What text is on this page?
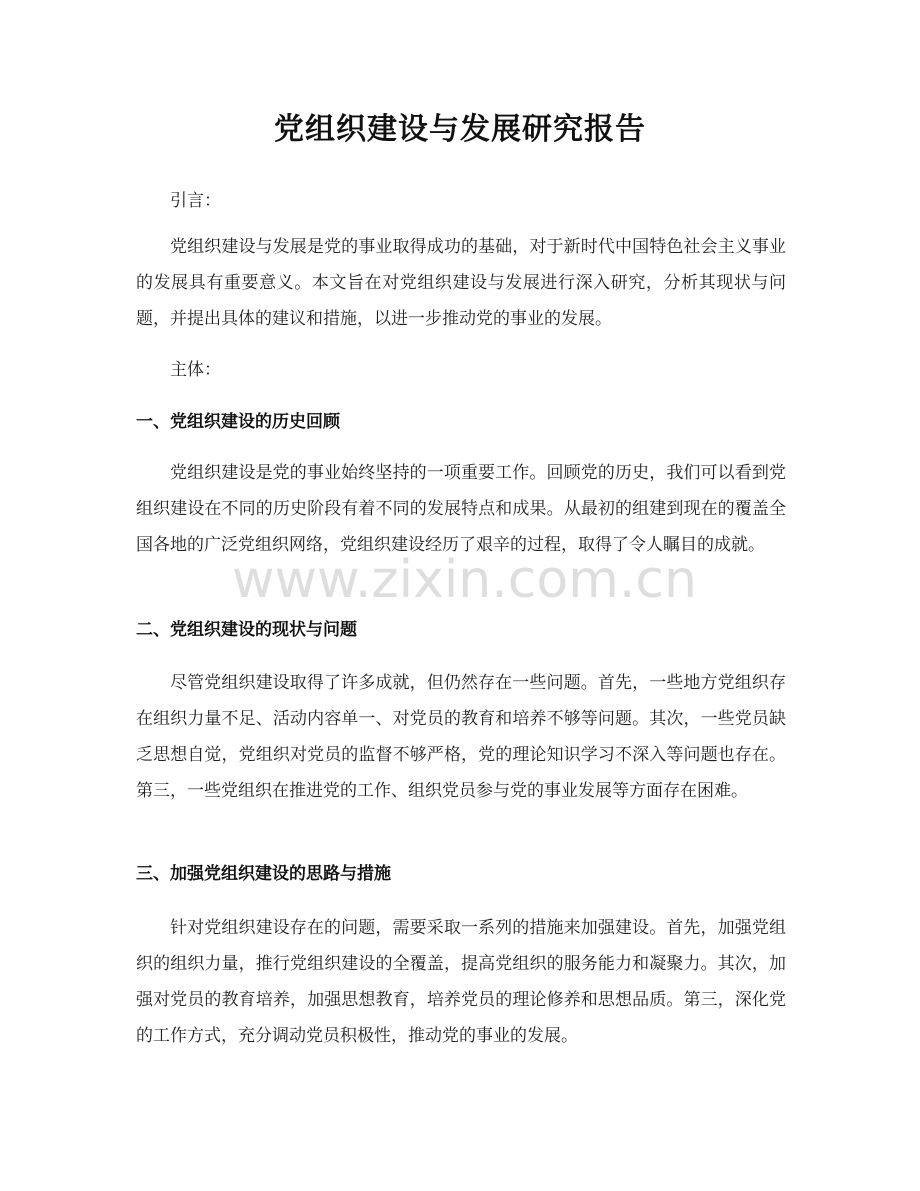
党组织建设与发展研究报告
引言：
党组织建设与发展是党的事业取得成功的基础，对于新时代中国特色社会主义事业的发展具有重要意义。本文旨在对党组织建设与发展进行深入研究，分析其现状与问题，并提出具体的建议和措施，以进一步推动党的事业的发展。
主体：
一、党组织建设的历史回顾
党组织建设是党的事业始终坚持的一项重要工作。回顾党的历史，我们可以看到党组织建设在不同的历史阶段有着不同的发展特点和成果。从最初的组建到现在的覆盖全国各地的广泛党组织网络，党组织建设经历了艰辛的过程，取得了令人瞩目的成就。
二、党组织建设的现状与问题
尽管党组织建设取得了许多成就，但仍然存在一些问题。首先，一些地方党组织存在组织力量不足、活动内容单一、对党员的教育和培养不够等问题。其次，一些党员缺乏思想自觉，党组织对党员的监督不够严格，党的理论知识学习不深入等问题也存在。第三，一些党组织在推进党的工作、组织党员参与党的事业发展等方面存在困难。
三、加强党组织建设的思路与措施
针对党组织建设存在的问题，需要采取一系列的措施来加强建设。首先，加强党组织的组织力量，推行党组织建设的全覆盖，提高党组织的服务能力和凝聚力。其次，加强对党员的教育培养，加强思想教育，培养党员的理论修养和思想品质。第三，深化党的工作方式，充分调动党员积极性，推动党的事业的发展。
www.zixin.com.cn
